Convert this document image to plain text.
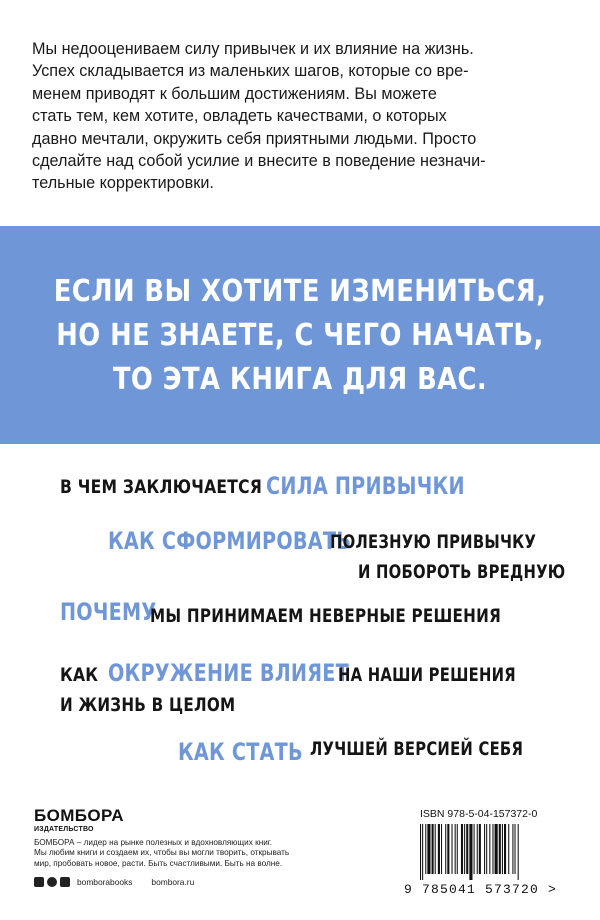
Мы недооцениваем силу привычек и их влияние на жизнь.
Успех складывается из маленьких шагов, которые со вре-
менем приводят к большим достижениям. Вы можете
стать тем, кем хотите, овладеть качествами, о которых
давно мечтали, окружить себя приятными людьми. Просто
сделайте над собой усилие и внесите в поведение незначи-
тельные корректировки.
ЕСЛИ ВЫ ХОТИТЕ ИЗМЕНИТЬСЯ,
НО НЕ ЗНАЕТЕ, С ЧЕГО НАЧАТЬ,
ТО ЭТА КНИГА ДЛЯ ВАС.
В ЧЕМ ЗАКЛЮЧАЕТСЯ СИЛА ПРИВЫЧКИ
КАК СФОРМИРОВАТЬ
ПОЛЕЗНУЮ ПРИВЫЧКУ
И ПОБОРОТЬ ВРЕДНУЮ
ПОЧЕМУ
МЫ ПРИНИМАЕМ НЕВЕРНЫЕ РЕШЕНИЯ
КАК ОКРУЖЕНИЕ ВЛИЯЕТ
НА НАШИ РЕШЕНИЯ
И ЖИЗНЬ В ЦЕЛОМ
КАК СТАТЬ ЛУЧШЕЙ ВЕРСИЕЙ СЕБЯ
БОМБОРА
ИЗДАТЕЛЬСТВО
БОМБОРА – лидер на рынке полезных и вдохновляющих книг.
Мы любим книги и создаем их, чтобы вы могли творить, открывать
мир, пробовать новое, расти. Быть счастливыми. Быть на волне.
bomborabooks bombora.ru
ISBN 978-5-04-157372-0
9 785041 573720 >
